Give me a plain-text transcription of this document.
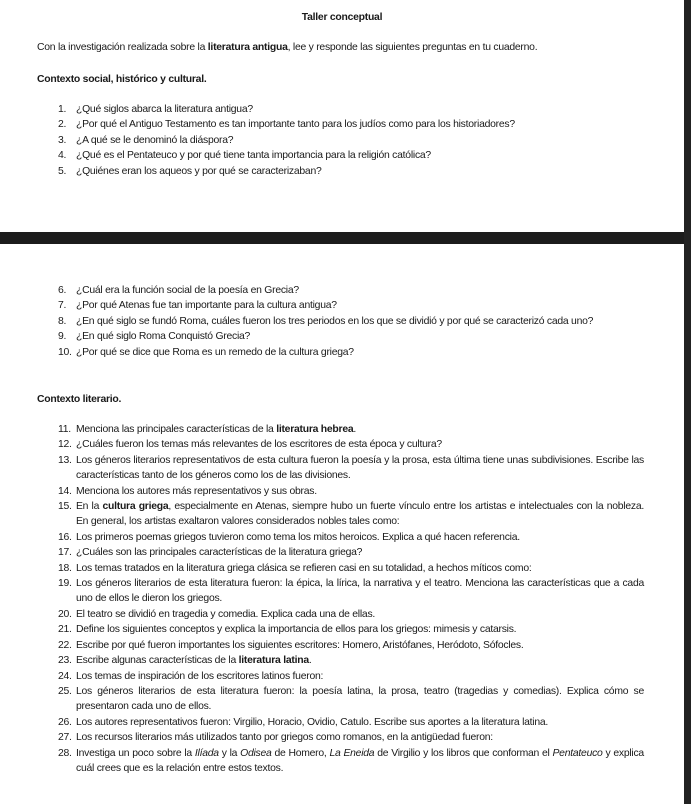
Taller conceptual
Con la investigación realizada sobre la literatura antigua, lee y responde las siguientes preguntas en tu cuaderno.
Contexto social, histórico y cultural.
1. ¿Qué siglos abarca la literatura antigua?
2. ¿Por qué el Antiguo Testamento es tan importante tanto para los judíos como para los historiadores?
3. ¿A qué se le denominó la diáspora?
4. ¿Qué es el Pentateuco y por qué tiene tanta importancia para la religión católica?
5. ¿Quiénes eran los aqueos y por qué se caracterizaban?
6. ¿Cuál era la función social de la poesía en Grecia?
7. ¿Por qué Atenas fue tan importante para la cultura antigua?
8. ¿En qué siglo se fundó Roma, cuáles fueron los tres periodos en los que se dividió y por qué se caracterizó cada uno?
9. ¿En qué siglo Roma Conquistó Grecia?
10. ¿Por qué se dice que Roma es un remedo de la cultura griega?
Contexto literario.
11. Menciona las principales características de la literatura hebrea.
12. ¿Cuáles fueron los temas más relevantes de los escritores de esta época y cultura?
13. Los géneros literarios representativos de esta cultura fueron la poesía y la prosa, esta última tiene unas subdivisiones. Escribe las características tanto de los géneros como los de las divisiones.
14. Menciona los autores más representativos y sus obras.
15. En la cultura griega, especialmente en Atenas, siempre hubo un fuerte vínculo entre los artistas e intelectuales con la nobleza. En general, los artistas exaltaron valores considerados nobles tales como:
16. Los primeros poemas griegos tuvieron como tema los mitos heroicos. Explica a qué hacen referencia.
17. ¿Cuáles son las principales características de la literatura griega?
18. Los temas tratados en la literatura griega clásica se refieren casi en su totalidad, a hechos míticos como:
19. Los géneros literarios de esta literatura fueron: la épica, la lírica, la narrativa y el teatro. Menciona las características que a cada uno de ellos le dieron los griegos.
20. El teatro se dividió en tragedia y comedia. Explica cada una de ellas.
21. Define los siguientes conceptos y explica la importancia de ellos para los griegos: mimesis y catarsis.
22. Escribe por qué fueron importantes los siguientes escritores: Homero, Aristófanes, Heródoto, Sófocles.
23. Escribe algunas características de la literatura latina.
24. Los temas de inspiración de los escritores latinos fueron:
25. Los géneros literarios de esta literatura fueron: la poesía latina, la prosa, teatro (tragedias y comedias). Explica cómo se presentaron cada uno de ellos.
26. Los autores representativos fueron: Virgilio, Horacio, Ovidio, Catulo. Escribe sus aportes a la literatura latina.
27. Los recursos literarios más utilizados tanto por griegos como romanos, en la antigüedad fueron:
28. Investiga un poco sobre la Ilíada y la Odisea de Homero, La Eneida de Virgilio y los libros que conforman el Pentateuco y explica cuál crees que es la relación entre estos textos.
